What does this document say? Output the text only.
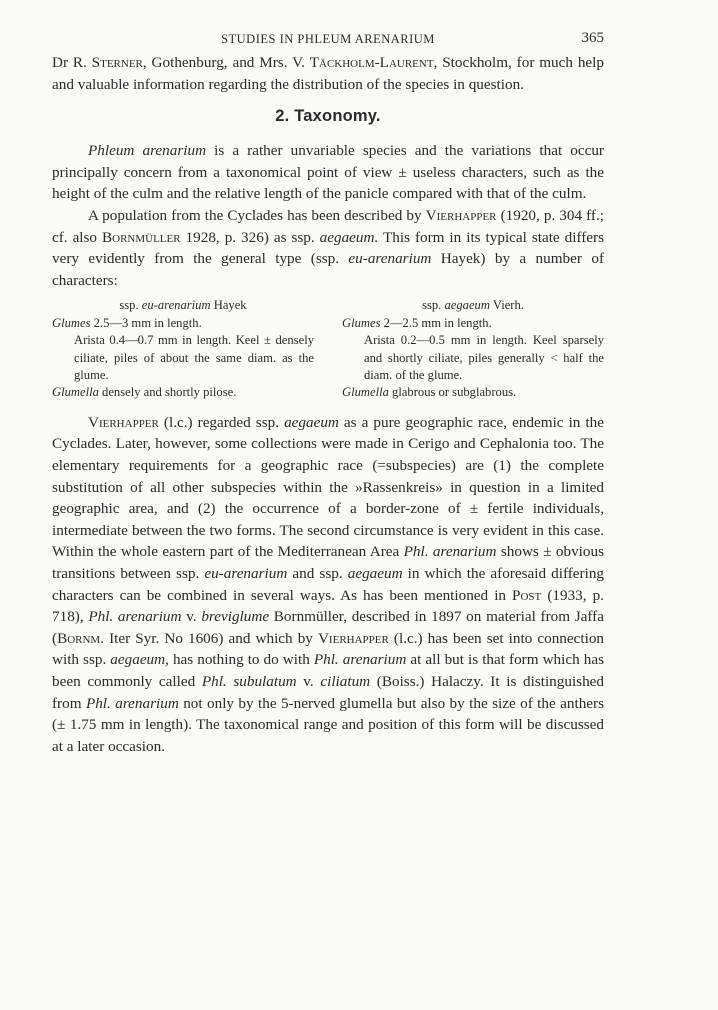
STUDIES IN PHLEUM ARENARIUM	365

Dr R. Sterner, Gothenburg, and Mrs. V. Täckholm-Laurent, Stockholm, for much help and valuable information regarding the distribution of the species in question.

2. Taxonomy.

Phleum arenarium is a rather unvariable species and the variations that occur principally concern from a taxonomical point of view ± useless characters, such as the height of the culm and the relative length of the panicle compared with that of the culm.

A population from the Cyclades has been described by Vierhapper (1920, p. 304 ff.; cf. also Bornmüller 1928, p. 326) as ssp. aegaeum. This form in its typical state differs very evidently from the general type (ssp. eu-arenarium Hayek) by a number of characters:

ssp. eu-arenarium Hayek
Glumes 2.5—3 mm in length.
Arista 0.4—0.7 mm in length. Keel ± densely ciliate, piles of about the same diam. as the glume.
Glumella densely and shortly pilose.
ssp. aegaeum Vierh.
Glumes 2—2.5 mm in length.
Arista 0.2—0.5 mm in length. Keel sparsely and shortly ciliate, piles generally < half the diam. of the glume.
Glumella glabrous or subglabrous.

Vierhapper (l.c.) regarded ssp. aegaeum as a pure geographic race, endemic in the Cyclades. Later, however, some collections were made in Cerigo and Cephalonia too. The elementary requirements for a geographic race (=subspecies) are (1) the complete substitution of all other subspecies within the »Rassenkreis» in question in a limited geographic area, and (2) the occurrence of a border-zone of ± fertile individuals, intermediate between the two forms. The second circumstance is very evident in this case. Within the whole eastern part of the Mediterranean Area Phl. arenarium shows ± obvious transitions between ssp. eu-arenarium and ssp. aegaeum in which the aforesaid differing characters can be combined in several ways. As has been mentioned in Post (1933, p. 718), Phl. arenarium v. breviglume Bornmüller, described in 1897 on material from Jaffa (Bornm. Iter Syr. No 1606) and which by Vierhapper (l.c.) has been set into connection with ssp. aegaeum, has nothing to do with Phl. arenarium at all but is that form which has been commonly called Phl. subulatum v. ciliatum (Boiss.) Halaczy. It is distinguished from Phl. arenarium not only by the 5-nerved glumella but also by the size of the anthers (± 1.75 mm in length). The taxonomical range and position of this form will be discussed at a later occasion.
